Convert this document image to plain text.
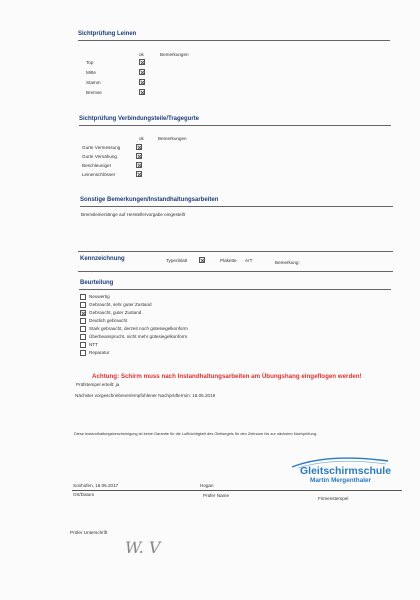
Sichtprüfung Leinen
ok	Bemerkungen
Top
Mitte
Stamm
Bremse
Sichtprüfung Verbindungsteile/Tragegurte
ok	Bemerkungen
Gurte Vermessung
Gurte Vernähung
Beschleuniger
Leinenschlösser
Sonstige Bemerkungen/Instandhaltungsarbeiten
Bremsleinenlänge auf Herstellervorgabe eingestellt
Kennzeichnung	Typenblatt	Plakette ArT	Bemerkung:
Beurteilung
Neuwertig
Gebraucht, sehr guter Zustand
Gebraucht, guter Zustand
Deutlich gebraucht
Stark gebraucht, derzeit noch gütesiegelkonform
Überbeansprucht, nicht mehr gütesiegelkonform
NTT
Reparatur
Achtung: Schirm muss nach Instandhaltungsarbeiten am Übungshang eingeflogen werden!
Prüfstempel erteilt: ja
Nächster vorgeschriebener/empfohlener Nachprüftermin: 16.05.2019
Diese Instandhaltungsbescheinigung ist keine Garantie für die Lufttüchtigkeit des Gleitsegels für den Zeitraum bis zur nächsten Nachprüfung.
Gleitschirmschule
Martin Mergenthaler
Sonhofen, 16.05.2017	Hogan
Ort/Datum	Prüfer Name
Firmenstempel
Prüfer Unterschrift
W. V
